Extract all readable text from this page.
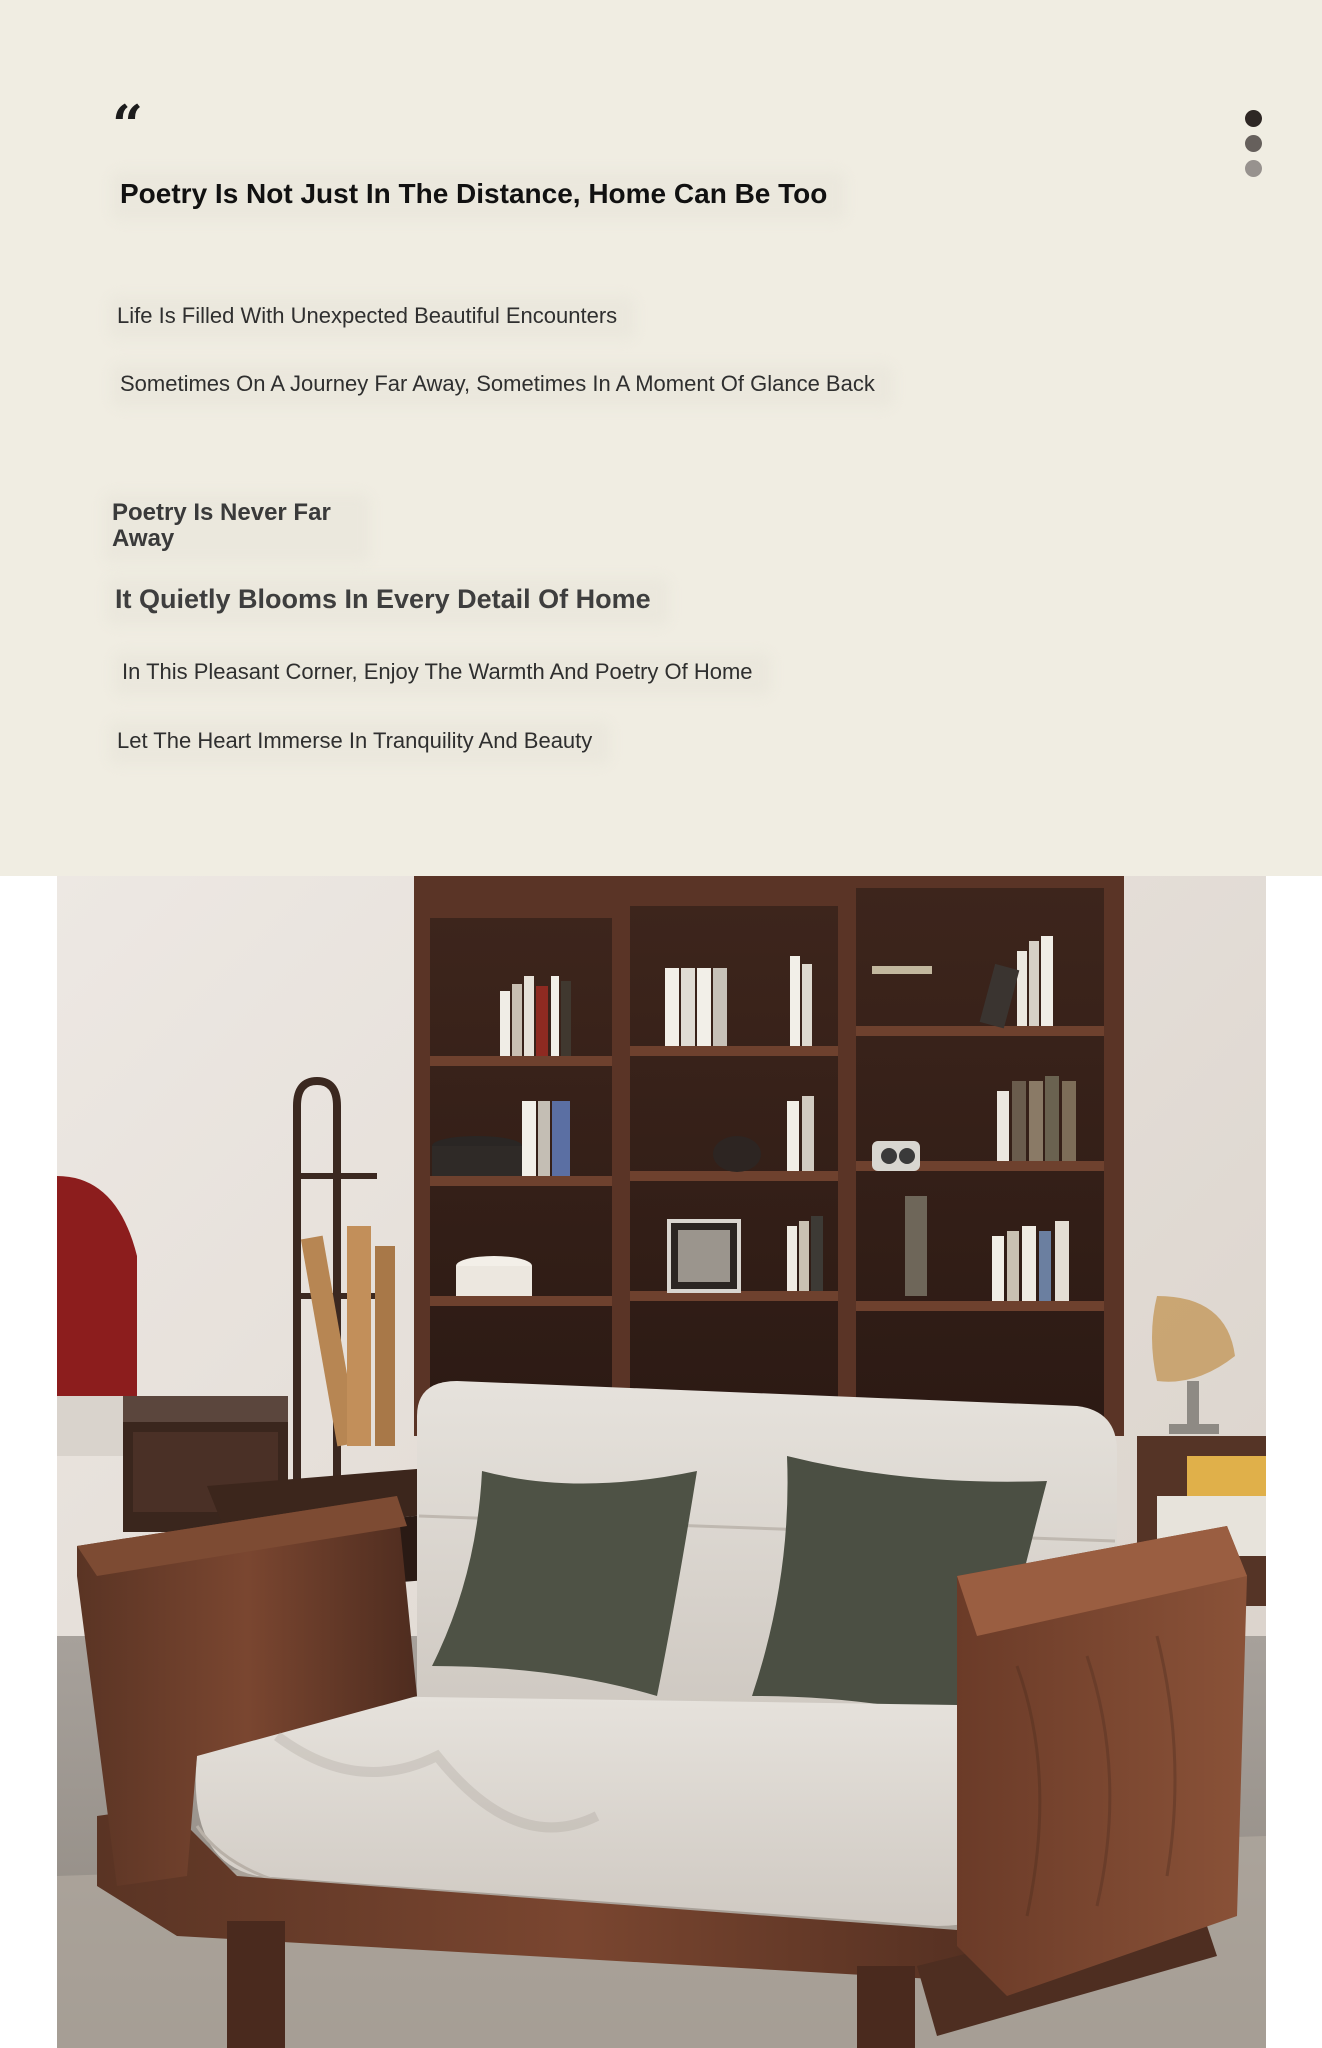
“
Poetry Is Not Just In The Distance, Home Can Be Too
Life Is Filled With Unexpected Beautiful Encounters
Sometimes On A Journey Far Away, Sometimes In A Moment Of Glance Back
Poetry Is Never Far Away
It Quietly Blooms In Every Detail Of Home
In This Pleasant Corner, Enjoy The Warmth And Poetry Of Home
Let The Heart Immerse In Tranquility And Beauty
